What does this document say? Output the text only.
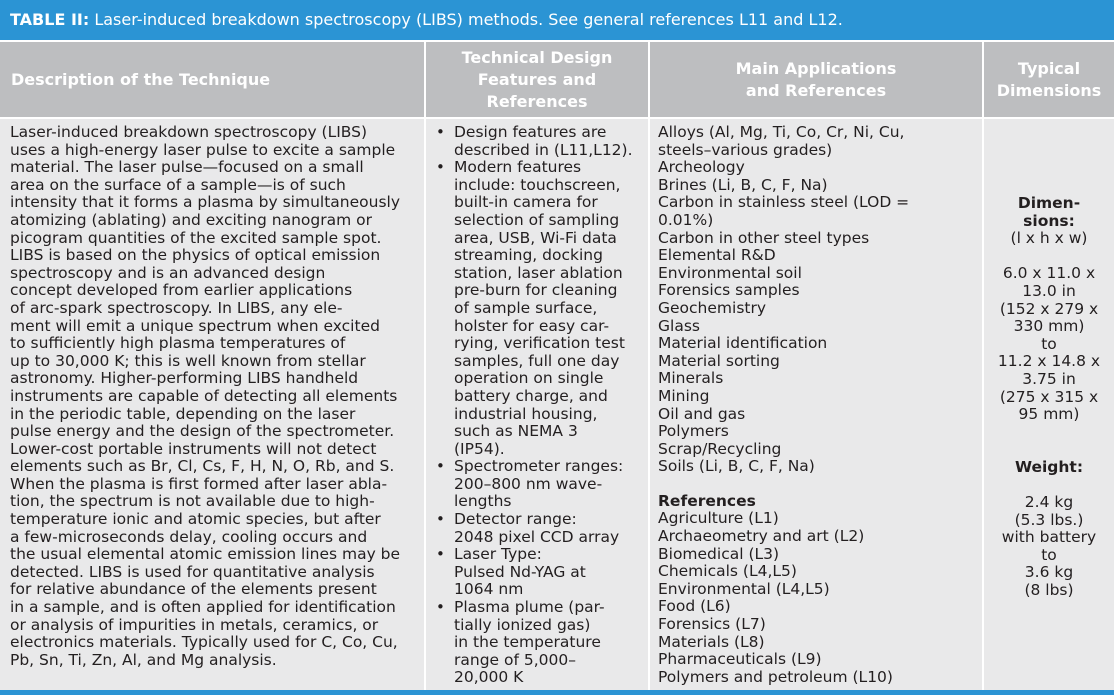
TABLE II: Laser-induced breakdown spectroscopy (LIBS) methods. See general references L11 and L12.
Description of the Technique
Technical Design
Features and
References
Main Applications
and References
Typical
Dimensions
Laser-induced breakdown spectroscopy (LIBS)
uses a high-energy laser pulse to excite a sample
material. The laser pulse—focused on a small
area on the surface of a sample—is of such
intensity that it forms a plasma by simultaneously
atomizing (ablating) and exciting nanogram or
picogram quantities of the excited sample spot.
LIBS is based on the physics of optical emission
spectroscopy and is an advanced design
concept developed from earlier applications
of arc-spark spectroscopy. In LIBS, any ele-
ment will emit a unique spectrum when excited
to sufficiently high plasma temperatures of
up to 30,000 K; this is well known from stellar
astronomy. Higher-performing LIBS handheld
instruments are capable of detecting all elements
in the periodic table, depending on the laser
pulse energy and the design of the spectrometer.
Lower-cost portable instruments will not detect
elements such as Br, Cl, Cs, F, H, N, O, Rb, and S.
When the plasma is first formed after laser abla-
tion, the spectrum is not available due to high-
temperature ionic and atomic species, but after
a few-microseconds delay, cooling occurs and
the usual elemental atomic emission lines may be
detected. LIBS is used for quantitative analysis
for relative abundance of the elements present
in a sample, and is often applied for identification
or analysis of impurities in metals, ceramics, or
electronics materials. Typically used for C, Co, Cu,
Pb, Sn, Ti, Zn, Al, and Mg analysis.
• Design features are
described in (L11,L12).
• Modern features
include: touchscreen,
built-in camera for
selection of sampling
area, USB, Wi-Fi data
streaming, docking
station, laser ablation
pre-burn for cleaning
of sample surface,
holster for easy car-
rying, verification test
samples, full one day
operation on single
battery charge, and
industrial housing,
such as NEMA 3
(IP54).
• Spectrometer ranges:
200–800 nm wave-
lengths
• Detector range:
2048 pixel CCD array
• Laser Type:
Pulsed Nd-YAG at
1064 nm
• Plasma plume (par-
tially ionized gas)
in the temperature
range of 5,000–
20,000 K
Alloys (Al, Mg, Ti, Co, Cr, Ni, Cu,
steels–various grades)
Archeology
Brines (Li, B, C, F, Na)
Carbon in stainless steel (LOD =
0.01%)
Carbon in other steel types
Elemental R&D
Environmental soil
Forensics samples
Geochemistry
Glass
Material identification
Material sorting
Minerals
Mining
Oil and gas
Polymers
Scrap/Recycling
Soils (Li, B, C, F, Na)
References
Agriculture (L1)
Archaeometry and art (L2)
Biomedical (L3)
Chemicals (L4,L5)
Environmental (L4,L5)
Food (L6)
Forensics (L7)
Materials (L8)
Pharmaceuticals (L9)
Polymers and petroleum (L10)
Dimen-
sions:
(l x h x w)

6.0 x 11.0 x
13.0 in
(152 x 279 x
330 mm)
to
11.2 x 14.8 x
3.75 in
(275 x 315 x
95 mm)
Weight:
2.4 kg
(5.3 lbs.)
with battery
to
3.6 kg
(8 lbs)
